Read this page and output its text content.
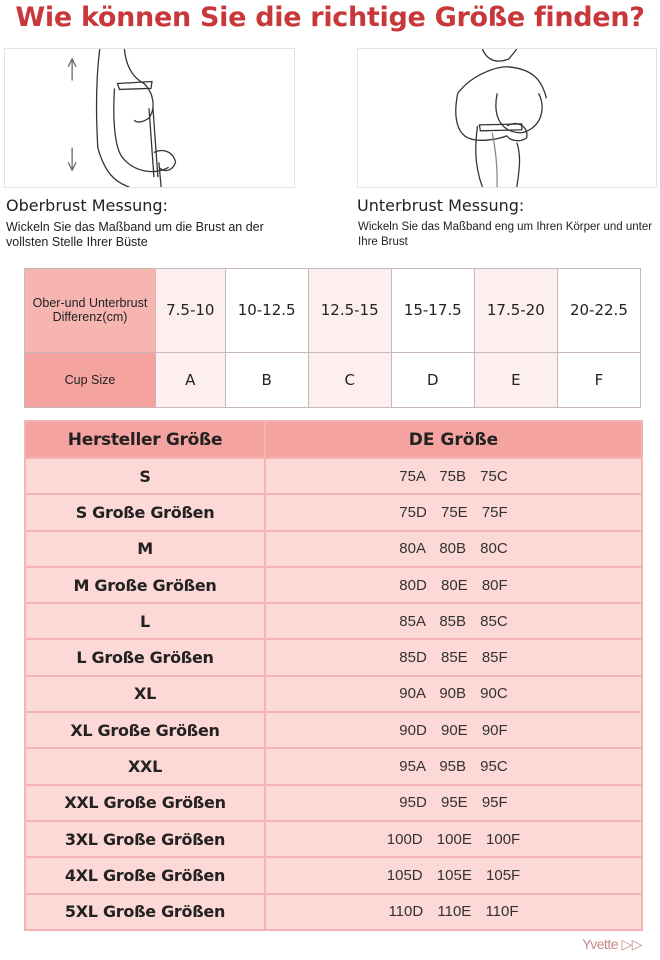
Wie können Sie die richtige Größe finden?
Oberbrust Messung:
Wickeln Sie das Maßband um die Brust an der vollsten Stelle Ihrer Büste
Unterbrust Messung:
Wickeln Sie das Maßband eng um Ihren Körper und unter Ihre Brust
Ober-und Unterbrust Differenz(cm)	7.5-10	10-12.5	12.5-15	15-17.5	17.5-20	20-22.5
Cup Size	A	B	C	D	E	F
Hersteller Größe	DE Größe
S	75A 75B 75C
S Große Größen	75D 75E 75F
M	80A 80B 80C
M Große Größen	80D 80E 80F
L	85A 85B 85C
L Große Größen	85D 85E 85F
XL	90A 90B 90C
XL Große Größen	90D 90E 90F
XXL	95A 95B 95C
XXL Große Größen	95D 95E 95F
3XL Große Größen	100D 100E 100F
4XL Große Größen	105D 105E 105F
5XL Große Größen	110D 110E 110F
Yvette ▷▷
